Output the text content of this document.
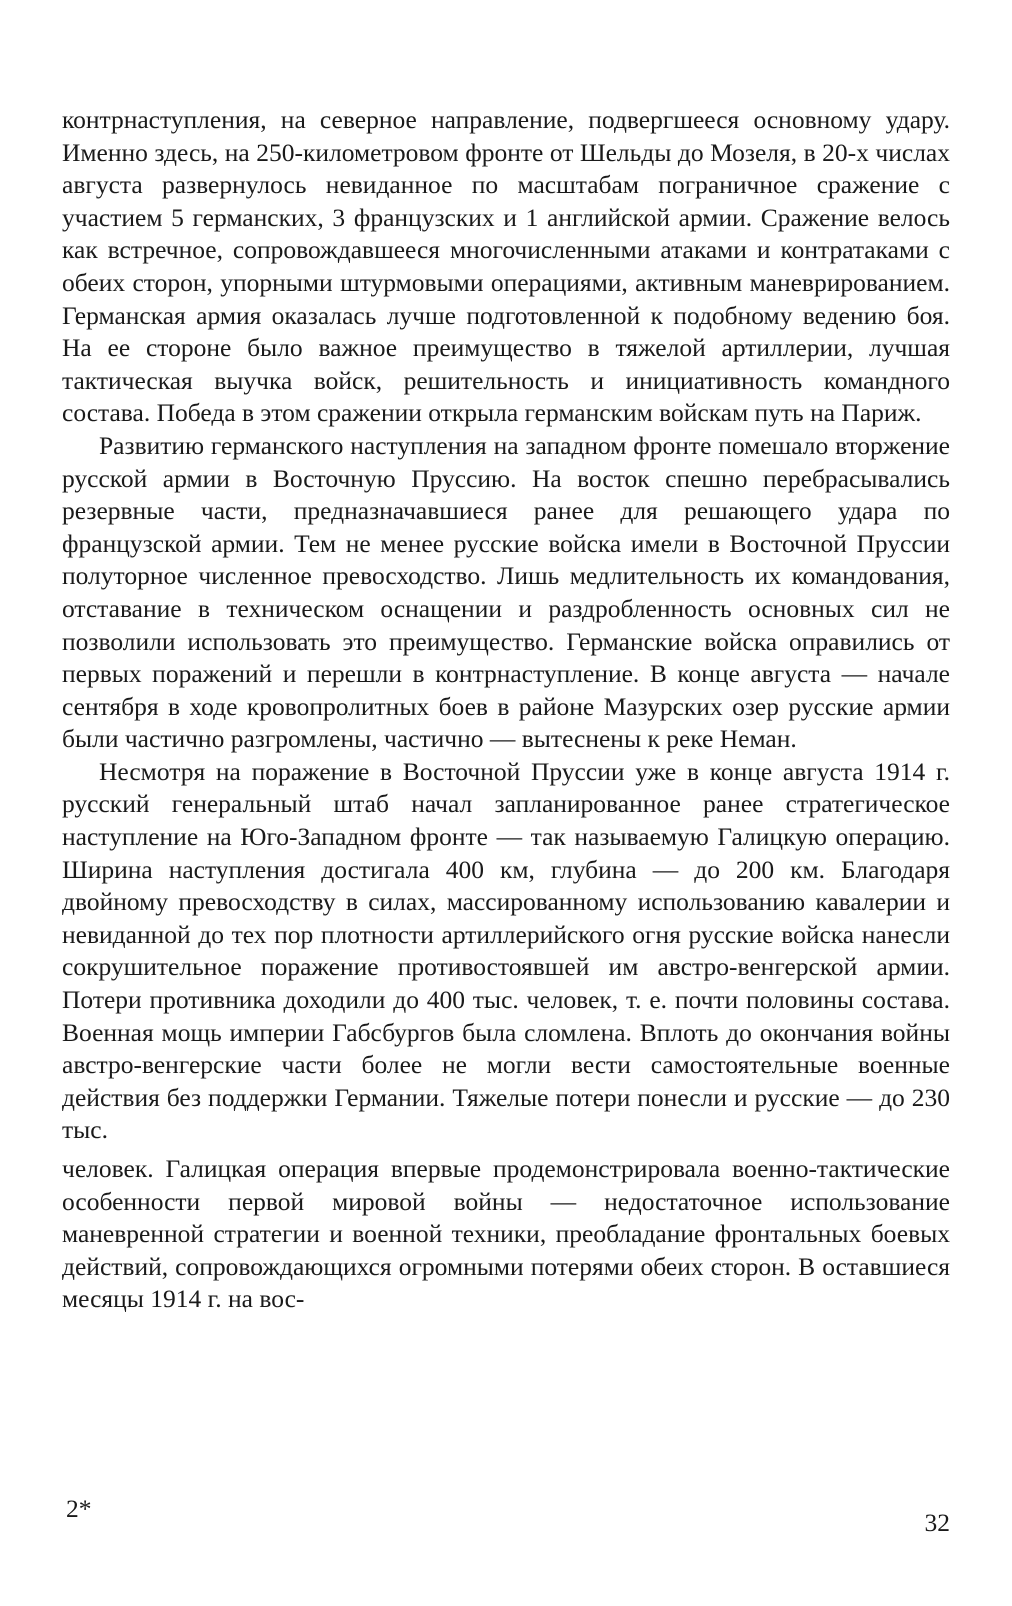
контрнаступления, на северное направление, подвергшееся основному удару. Именно здесь, на 250-километровом фронте от Шельды до Мозеля, в 20-х числах августа развернулось невиданное по масштабам пограничное сражение с участием 5 германских, 3 французских и 1 английской армии. Сражение велось как встречное, сопровождавшееся многочисленными атаками и контратаками с обеих сторон, упорными штурмовыми операциями, активным маневрированием. Германская армия оказалась лучше подготовленной к подобному ведению боя. На ее стороне было важное преимущество в тяжелой артиллерии, лучшая тактическая выучка войск, решительность и инициативность командного состава. Победа в этом сражении открыла германским войскам путь на Париж.

Развитию германского наступления на западном фронте помешало вторжение русской армии в Восточную Пруссию. На восток спешно перебрасывались резервные части, предназначавшиеся ранее для решающего удара по французской армии. Тем не менее русские войска имели в Восточной Пруссии полуторное численное превосходство. Лишь медлительность их командования, отставание в техническом оснащении и раздробленность основных сил не позволили использовать это преимущество. Германские войска оправились от первых поражений и перешли в контрнаступление. В конце августа — начале сентября в ходе кровопролитных боев в районе Мазурских озер русские армии были частично разгромлены, частично — вытеснены к реке Неман.

Несмотря на поражение в Восточной Пруссии уже в конце августа 1914 г. русский генеральный штаб начал запланированное ранее стратегическое наступление на Юго-Западном фронте — так называемую Галицкую операцию. Ширина наступления достигала 400 км, глубина — до 200 км. Благодаря двойному превосходству в силах, массированному использованию кавалерии и невиданной до тех пор плотности артиллерийского огня русские войска нанесли сокрушительное поражение противостоявшей им австро-венгерской армии. Потери противника доходили до 400 тыс. человек, т. е. почти половины состава. Военная мощь империи Габсбургов была сломлена. Вплоть до окончания войны австро-венгерские части более не могли вести самостоятельные военные действия без поддержки Германии. Тяжелые потери понесли и русские — до 230 тыс.

человек. Галицкая операция впервые продемонстрировала военно-тактические особенности первой мировой войны — недостаточное использование маневренной стратегии и военной техники, преобладание фронтальных боевых действий, сопровождающихся огромными потерями обеих сторон. В оставшиеся месяцы 1914 г. на вос-

2*	32
